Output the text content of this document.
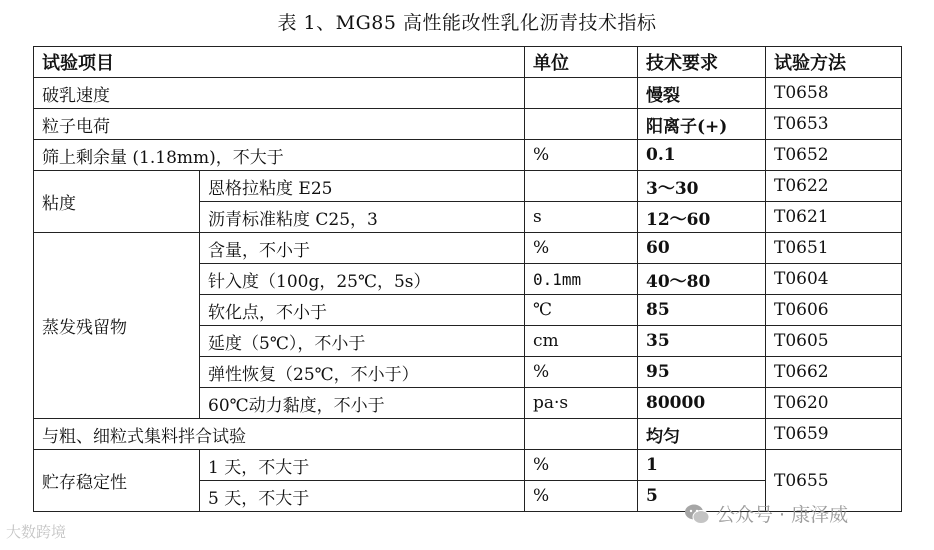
表 1、MG85 高性能改性乳化沥青技术指标
试验项目		单位	技术要求	试验方法
破乳速度			慢裂	T0658
粒子电荷			阳离子(+)	T0653
筛上剩余量 (1.18mm)，不大于		%	0.1	T0652
粘度	恩格拉粘度 E25		3～30	T0622
	沥青标准粘度 C25，3	s	12～60	T0621
蒸发残留物	含量，不小于	%	60	T0651
	针入度（100g，25℃，5s）	0.1mm	40～80	T0604
	软化点，不小于	℃	85	T0606
	延度（5℃），不小于	cm	35	T0605
	弹性恢复（25℃，不小于）	%	95	T0662
	60℃动力黏度，不小于	pa·s	80000	T0620
与粗、细粒式集料拌合试验			均匀	T0659
贮存稳定性	1 天，不大于	%	1	T0655
	5 天，不大于	%	5	
大数跨境
公众号 · 康泽威
